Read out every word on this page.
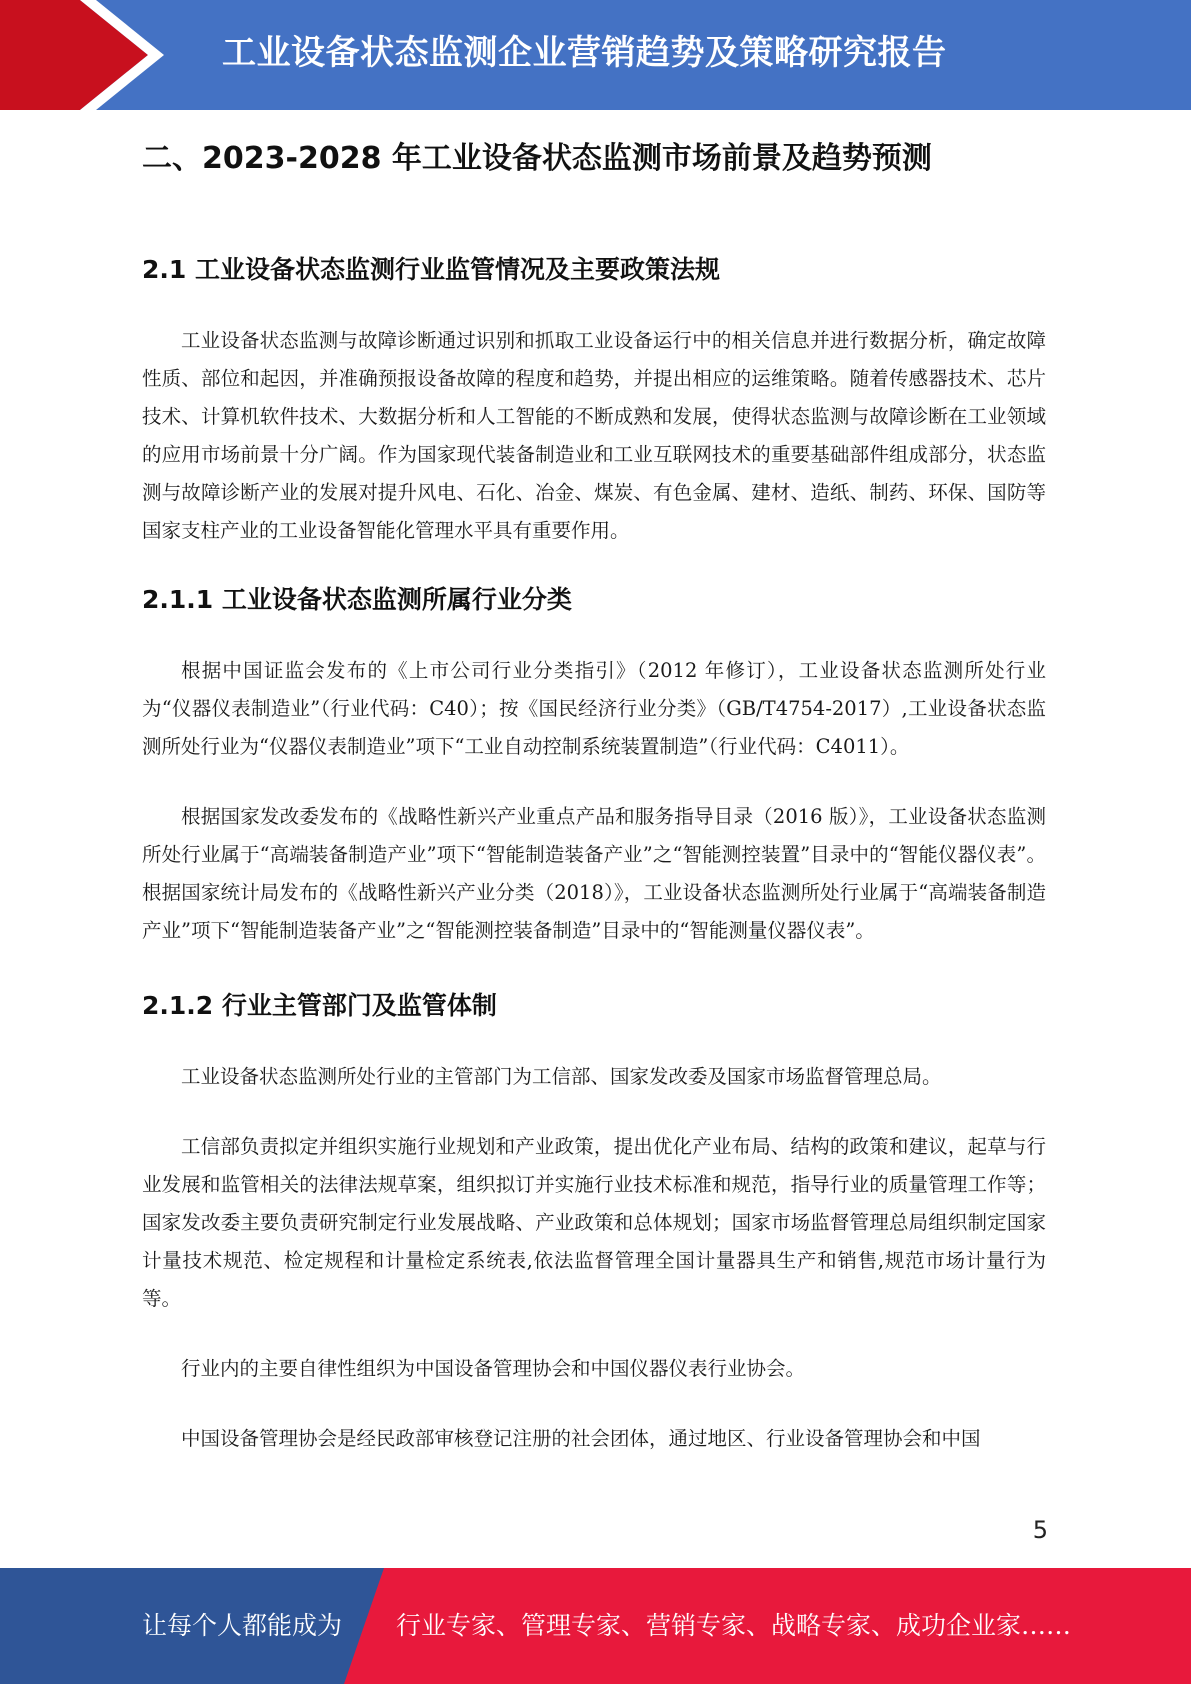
工业设备状态监测企业营销趋势及策略研究报告
二、2023-2028 年工业设备状态监测市场前景及趋势预测
2.1 工业设备状态监测行业监管情况及主要政策法规

工业设备状态监测与故障诊断通过识别和抓取工业设备运行中的相关信息并进行数据分析，确定故障性质、部位和起因，并准确预报设备故障的程度和趋势，并提出相应的运维策略。随着传感器技术、芯片技术、计算机软件技术、大数据分析和人工智能的不断成熟和发展，使得状态监测与故障诊断在工业领域的应用市场前景十分广阔。作为国家现代装备制造业和工业互联网技术的重要基础部件组成部分，状态监测与故障诊断产业的发展对提升风电、石化、冶金、煤炭、有色金属、建材、造纸、制药、环保、国防等国家支柱产业的工业设备智能化管理水平具有重要作用。

2.1.1 工业设备状态监测所属行业分类

根据中国证监会发布的《上市公司行业分类指引》（2012 年修订），工业设备状态监测所处行业为“仪器仪表制造业”（行业代码：C40）；按《国民经济行业分类》（GB/T4754-2017）,工业设备状态监测所处行业为“仪器仪表制造业”项下“工业自动控制系统装置制造”（行业代码：C4011）。

根据国家发改委发布的《战略性新兴产业重点产品和服务指导目录（2016 版）》，工业设备状态监测所处行业属于“高端装备制造产业”项下“智能制造装备产业”之“智能测控装置”目录中的“智能仪器仪表”。根据国家统计局发布的《战略性新兴产业分类（2018）》，工业设备状态监测所处行业属于“高端装备制造产业”项下“智能制造装备产业”之“智能测控装备制造”目录中的“智能测量仪器仪表”。

2.1.2 行业主管部门及监管体制

工业设备状态监测所处行业的主管部门为工信部、国家发改委及国家市场监督管理总局。

工信部负责拟定并组织实施行业规划和产业政策，提出优化产业布局、结构的政策和建议，起草与行业发展和监管相关的法律法规草案，组织拟订并实施行业技术标准和规范，指导行业的质量管理工作等；国家发改委主要负责研究制定行业发展战略、产业政策和总体规划；国家市场监督管理总局组织制定国家计量技术规范、检定规程和计量检定系统表,依法监督管理全国计量器具生产和销售,规范市场计量行为等。

行业内的主要自律性组织为中国设备管理协会和中国仪器仪表行业协会。

中国设备管理协会是经民政部审核登记注册的社会团体，通过地区、行业设备管理协会和中国

5
让每个人都能成为 行业专家、管理专家、营销专家、战略专家、成功企业家……
